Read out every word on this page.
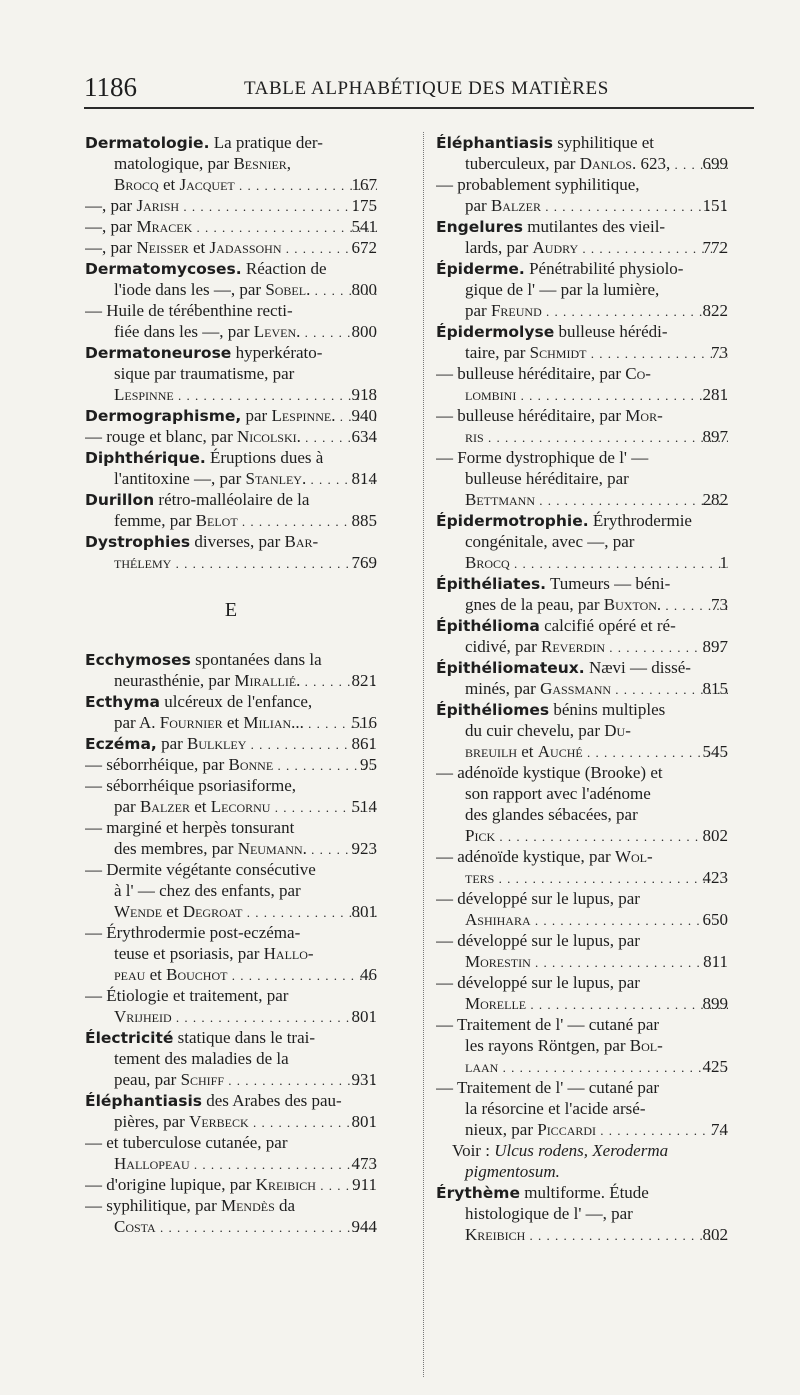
1186	TABLE ALPHABÉTIQUE DES MATIÈRES
Dermatologie. La pratique der-
matologique, par Besnier,
Brocq et Jacquet . . .	167
—, par Jarish . . .	175
—, par Mracek . . .	541
—, par Neisser et Jadassohn . . .	672
Dermatomycoses. Réaction de
l'iode dans les —, par Sobel. . . .	800
— Huile de térébenthine recti-
fiée dans les —, par Leven. . . .	800
Dermatoneurose hyperkérato-
sique par traumatisme, par
Lespinne . . .	918
Dermographisme, par Lespinne. . . . 940
— rouge et blanc, par Nicolski. . . .	634
Diphthérique. Éruptions dues à
l'antitoxine —, par Stanley. . . .	814
Durillon rétro-malléolaire de la
femme, par Belot . . .	885
Dystrophies diverses, par Bar-
thélemy . . .	769
E
Ecchymoses spontanées dans la
neurasthénie, par Mirallié. . . .	821
Ecthyma ulcéreux de l'enfance,
par A. Fournier et Milian... . . .	516
Eczéma, par Bulkley . . .	861
— séborrhéique, par Bonne . . .	95
— séborrhéique psoriasiforme,
par Balzer et Lecornu . . .	514
— marginé et herpès tonsurant
des membres, par Neumann. . . .	923
— Dermite végétante consécutive
à l' — chez des enfants, par
Wende et Degroat . . .	801
— Érythrodermie post-eczéma-
teuse et psoriasis, par Hallo-
peau et Bouchot . . .	46
— Étiologie et traitement, par
Vrijheid . . .	801
Électricité statique dans le trai-
tement des maladies de la
peau, par Schiff . . .	931
Éléphantiasis des Arabes des pau-
pières, par Verbeck . . .	801
— et tuberculose cutanée, par
Hallopeau . . .	473
— d'origine lupique, par Kreibich . . .	911
— syphilitique, par Mendès da
Costa . . .	944
Éléphantiasis syphilitique et
tuberculeux, par Danlos. 623, . . .	699
— probablement syphilitique,
par Balzer . . .	151
Engelures mutilantes des vieil-
lards, par Audry . . .	772
Épiderme. Pénétrabilité physiolo-
gique de l' — par la lumière,
par Freund . . .	822
Épidermolyse bulleuse hérédi-
taire, par Schmidt . . .	73
— bulleuse héréditaire, par Co-
lombini . . .	281
— bulleuse héréditaire, par Mor-
ris . . .	897
— Forme dystrophique de l' —
bulleuse héréditaire, par
Bettmann . . .	282
Épidermotrophie. Érythrodermie
congénitale, avec —, par
Brocq . . .	1
Épithéliates. Tumeurs — béni-
gnes de la peau, par Buxton. . . .	73
Épithélioma calcifié opéré et ré-
cidivé, par Reverdin . . .	897
Épithéliomateux. Nævi — dissé-
minés, par Gassmann . . .	815
Épithéliomes bénins multiples
du cuir chevelu, par Du-
breuilh et Auché . . .	545
— adénoïde kystique (Brooke) et
son rapport avec l'adénome
des glandes sébacées, par
Pick . . .	802
— adénoïde kystique, par Wol-
ters . . .	423
— développé sur le lupus, par
Ashihara . . .	650
— développé sur le lupus, par
Morestin . . .	811
— développé sur le lupus, par
Morelle . . .	899
— Traitement de l' — cutané par
les rayons Röntgen, par Bol-
laan . . .	425
— Traitement de l' — cutané par
la résorcine et l'acide arsé-
nieux, par Piccardi . . .	74
Voir : Ulcus rodens, Xeroderma
pigmentosum.
Érythème multiforme. Étude
histologique de l' —, par
Kreibich . . .	802
